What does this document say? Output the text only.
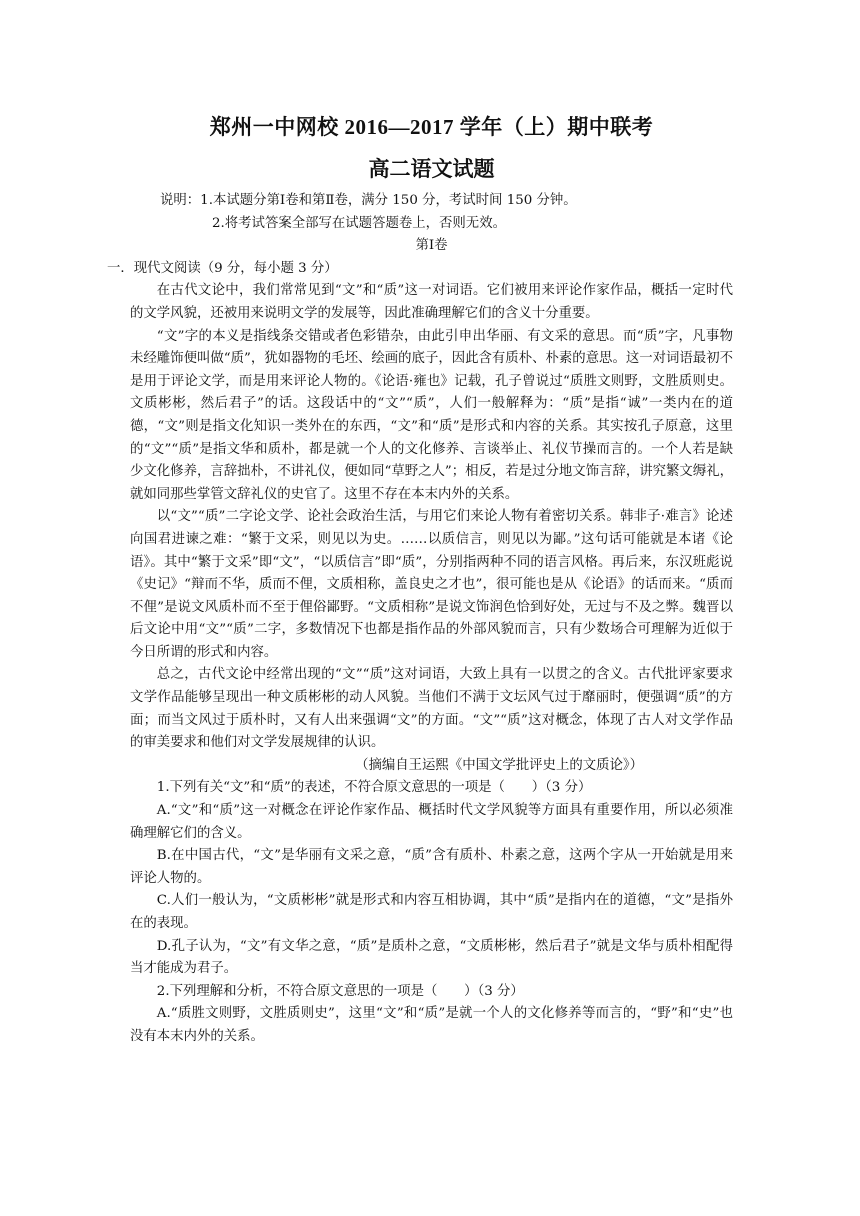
郑州一中网校 2016—2017 学年（上）期中联考
高二语文试题
说明：1.本试题分第Ⅰ卷和第Ⅱ卷，满分 150 分，考试时间 150 分钟。
2.将考试答案全部写在试题答题卷上，否则无效。
第Ⅰ卷
一．现代文阅读（9 分，每小题 3 分）

在古代文论中，我们常常见到“文”和“质”这一对词语。它们被用来评论作家作品，概括一定时代的文学风貌，还被用来说明文学的发展等，因此准确理解它们的含义十分重要。

“文”字的本义是指线条交错或者色彩错杂，由此引申出华丽、有文采的意思。而“质”字，凡事物未经雕饰便叫做“质”，犹如器物的毛坯、绘画的底子，因此含有质朴、朴素的意思。这一对词语最初不是用于评论文学，而是用来评论人物的。《论语·雍也》记载，孔子曾说过“质胜文则野，文胜质则史。文质彬彬，然后君子”的话。这段话中的“文”“质”，人们一般解释为：“质”是指“诚”一类内在的道德，“文”则是指文化知识一类外在的东西，“文”和“质”是形式和内容的关系。其实按孔子原意，这里的“文”“质”是指文华和质朴，都是就一个人的文化修养、言谈举止、礼仪节操而言的。一个人若是缺少文化修养，言辞拙朴，不讲礼仪，便如同“草野之人”；相反，若是过分地文饰言辞，讲究繁文缛礼，就如同那些掌管文辞礼仪的史官了。这里不存在本末内外的关系。

以“文”“质”二字论文学、论社会政治生活，与用它们来论人物有着密切关系。韩非子·难言》论述向国君进谏之难：“繁于文采，则见以为史。……以质信言，则见以为鄙。”这句话可能就是本诸《论语》。其中“繁于文采”即“文”，“以质信言”即“质”，分别指两种不同的语言风格。再后来，东汉班彪说《史记》“辩而不华，质而不俚，文质相称，盖良史之才也”，很可能也是从《论语》的话而来。“质而不俚”是说文风质朴而不至于俚俗鄙野。“文质相称”是说文饰润色恰到好处，无过与不及之弊。魏晋以后文论中用“文”“质”二字，多数情况下也都是指作品的外部风貌而言，只有少数场合可理解为近似于今日所谓的形式和内容。

总之，古代文论中经常出现的“文”“质”这对词语，大致上具有一以贯之的含义。古代批评家要求文学作品能够呈现出一种文质彬彬的动人风貌。当他们不满于文坛风气过于靡丽时，便强调“质”的方面；而当文风过于质朴时，又有人出来强调“文”的方面。“文”“质”这对概念，体现了古人对文学作品的审美要求和他们对文学发展规律的认识。

（摘编自王运熙《中国文学批评史上的文质论》）

1.下列有关“文”和“质”的表述，不符合原文意思的一项是（　　）（3 分）

A.“文”和“质”这一对概念在评论作家作品、概括时代文学风貌等方面具有重要作用，所以必须准确理解它们的含义。

B.在中国古代，“文”是华丽有文采之意，“质”含有质朴、朴素之意，这两个字从一开始就是用来评论人物的。

C.人们一般认为，“文质彬彬”就是形式和内容互相协调，其中“质”是指内在的道德，“文”是指外在的表现。

D.孔子认为，“文”有文华之意，“质”是质朴之意，“文质彬彬，然后君子”就是文华与质朴相配得当才能成为君子。

2.下列理解和分析，不符合原文意思的一项是（　　）（3 分）

A.“质胜文则野，文胜质则史”，这里“文”和“质”是就一个人的文化修养等而言的，“野”和“史”也没有本末内外的关系。
